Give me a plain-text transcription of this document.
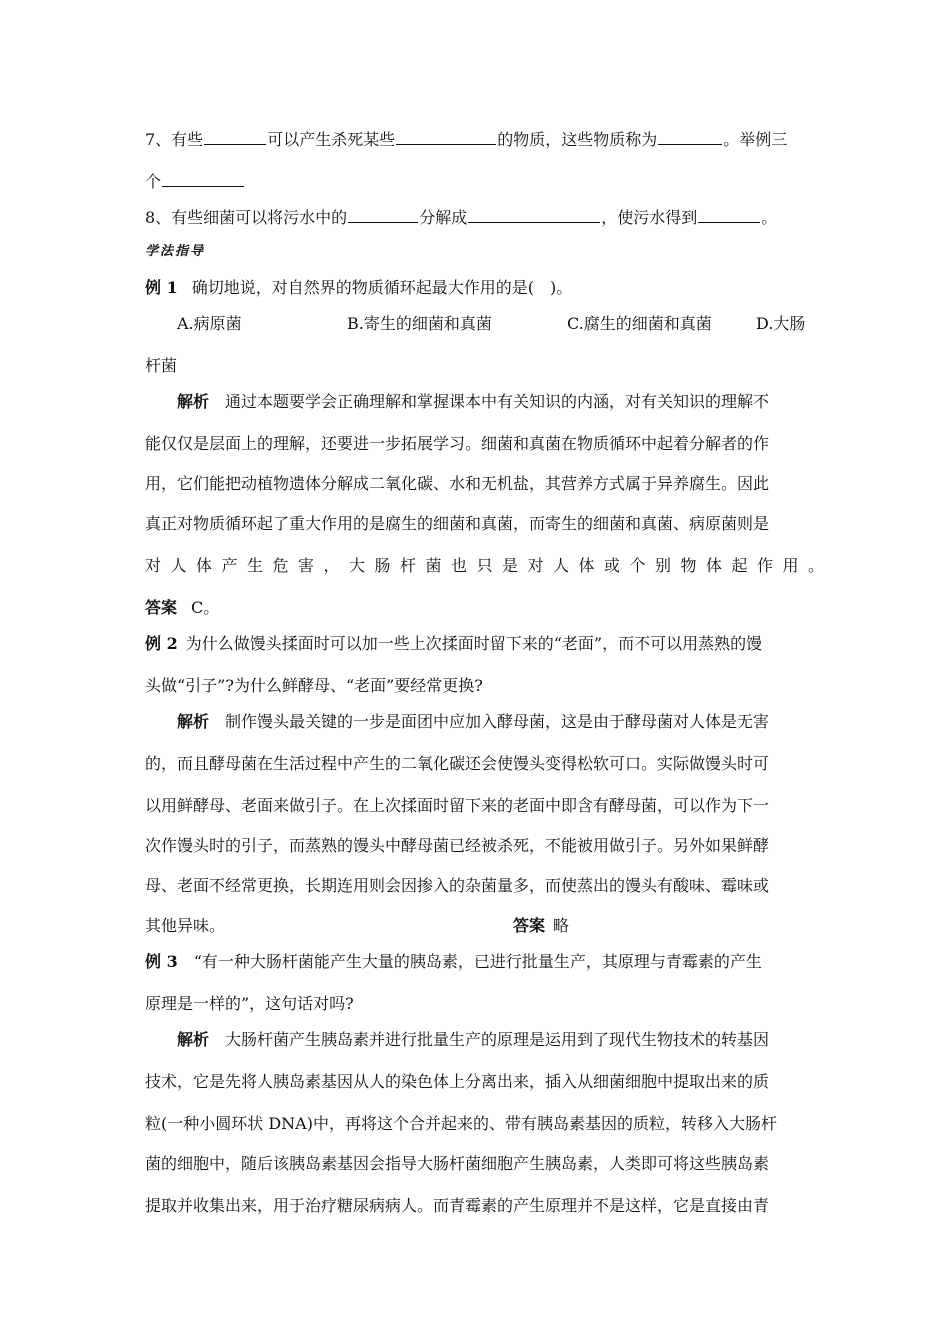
7、有些	可以产生杀死某些	的物质，这些物质称为	。举例三
个
8、有些细菌可以将污水中的	分解成	，使污水得到	。
学法指导
例 1 确切地说，对自然界的物质循环起最大作用的是(　)。
A.病原菌	B.寄生的细菌和真菌	C.腐生的细菌和真菌	D.大肠
杆菌
解析 通过本题要学会正确理解和掌握课本中有关知识的内涵，对有关知识的理解不
能仅仅是层面上的理解，还要进一步拓展学习。细菌和真菌在物质循环中起着分解者的作
用，它们能把动植物遗体分解成二氧化碳、水和无机盐，其营养方式属于异养腐生。因此
真正对物质循环起了重大作用的是腐生的细菌和真菌，而寄生的细菌和真菌、病原菌则是
对人体产生危害，大肠杆菌也只是对人体或个别物体起作用。
答案 C。
例 2 为什么做馒头揉面时可以加一些上次揉面时留下来的“老面”，而不可以用蒸熟的馒
头做“引子”?为什么鲜酵母、“老面”要经常更换?
解析 制作馒头最关键的一步是面团中应加入酵母菌，这是由于酵母菌对人体是无害
的，而且酵母菌在生活过程中产生的二氧化碳还会使馒头变得松软可口。实际做馒头时可
以用鲜酵母、老面来做引子。在上次揉面时留下来的老面中即含有酵母菌，可以作为下一
次作馒头时的引子，而蒸熟的馒头中酵母菌已经被杀死，不能被用做引子。另外如果鲜酵
母、老面不经常更换，长期连用则会因掺入的杂菌量多，而使蒸出的馒头有酸味、霉味或
其他异味。	答案 略
例 3 “有一种大肠杆菌能产生大量的胰岛素，已进行批量生产，其原理与青霉素的产生
原理是一样的”，这句话对吗?
解析 大肠杆菌产生胰岛素并进行批量生产的原理是运用到了现代生物技术的转基因
技术，它是先将人胰岛素基因从人的染色体上分离出来，插入从细菌细胞中提取出来的质
粒(一种小圆环状 DNA)中，再将这个合并起来的、带有胰岛素基因的质粒，转移入大肠杆
菌的细胞中，随后该胰岛素基因会指导大肠杆菌细胞产生胰岛素，人类即可将这些胰岛素
提取并收集出来，用于治疗糖尿病病人。而青霉素的产生原理并不是这样，它是直接由青
